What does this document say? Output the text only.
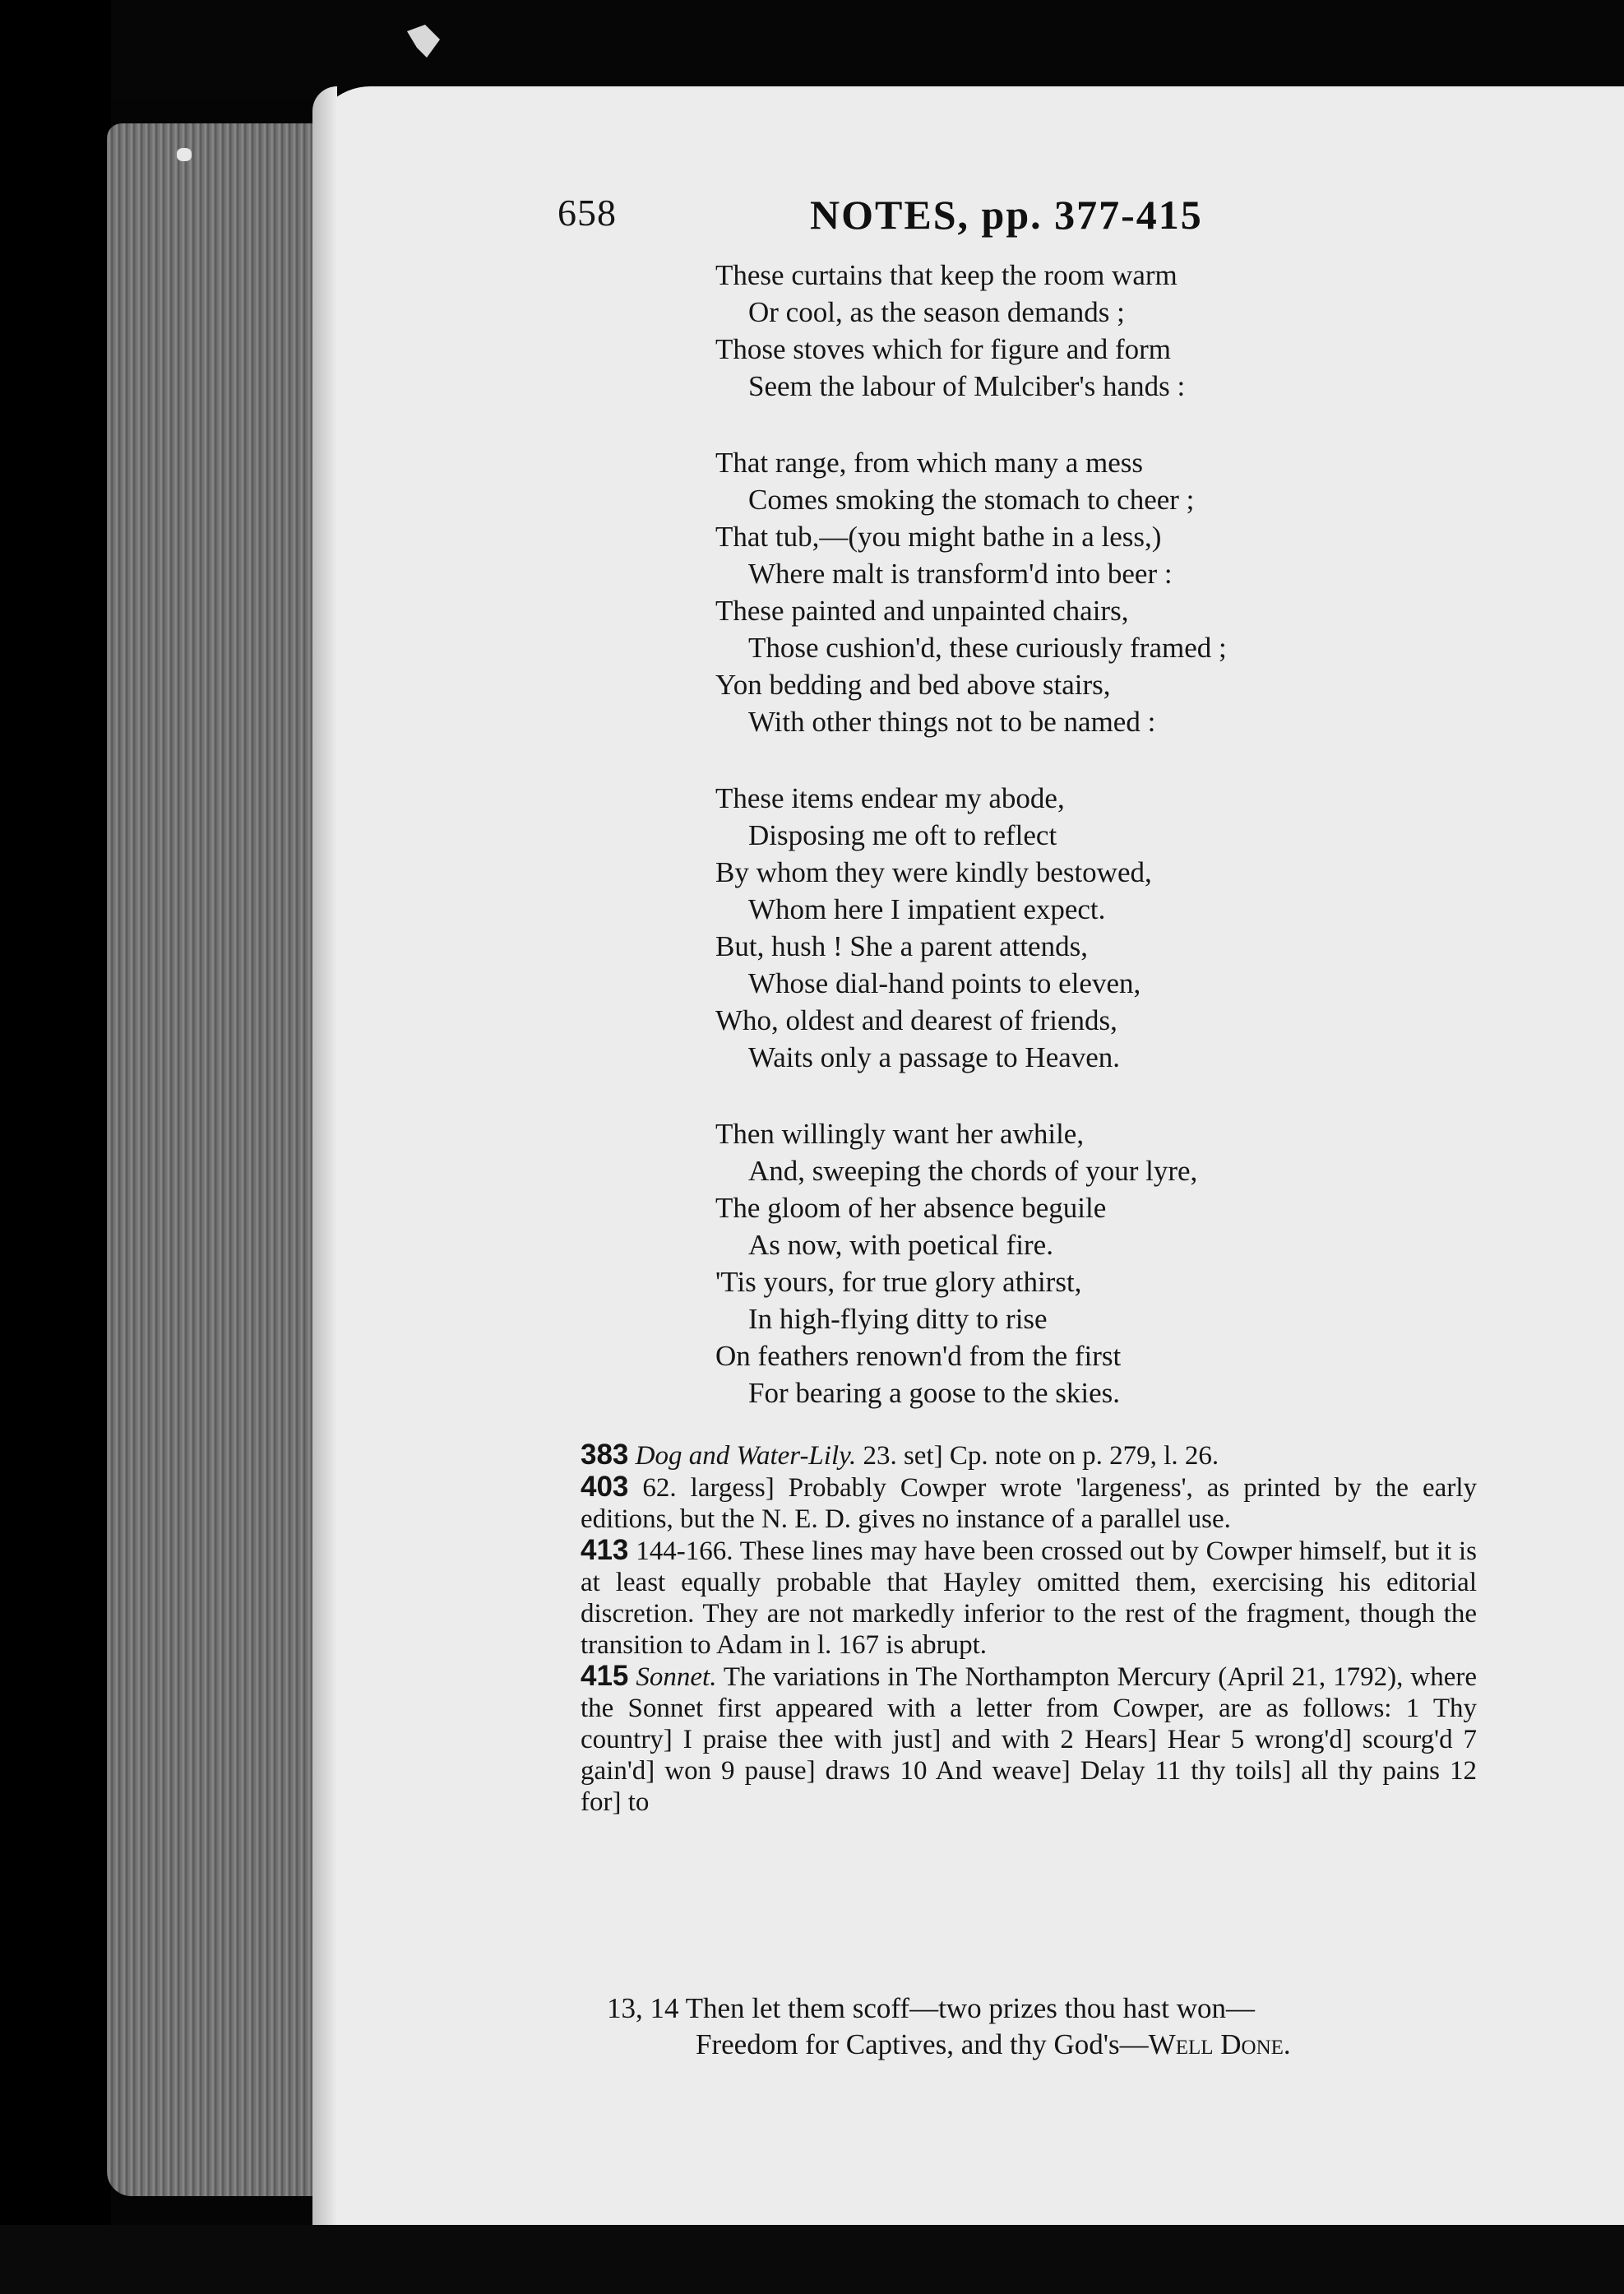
658	NOTES, pp. 377-415
These curtains that keep the room warm
Or cool, as the season demands ;
Those stoves which for figure and form
Seem the labour of Mulciber's hands :
That range, from which many a mess
Comes smoking the stomach to cheer ;
That tub,—(you might bathe in a less,)
Where malt is transform'd into beer :
These painted and unpainted chairs,
Those cushion'd, these curiously framed ;
Yon bedding and bed above stairs,
With other things not to be named :
These items endear my abode,
Disposing me oft to reflect
By whom they were kindly bestowed,
Whom here I impatient expect.
But, hush ! She a parent attends,
Whose dial-hand points to eleven,
Who, oldest and dearest of friends,
Waits only a passage to Heaven.
Then willingly want her awhile,
And, sweeping the chords of your lyre,
The gloom of her absence beguile
As now, with poetical fire.
'Tis yours, for true glory athirst,
In high-flying ditty to rise
On feathers renown'd from the first
For bearing a goose to the skies.
383 Dog and Water-Lily. 23. set] Cp. note on p. 279, l. 26.
403 62. largess] Probably Cowper wrote 'largeness', as printed by the early editions, but the N. E. D. gives no instance of a parallel use.
413 144-166. These lines may have been crossed out by Cowper himself, but it is at least equally probable that Hayley omitted them, exercising his editorial discretion. They are not markedly inferior to the rest of the fragment, though the transition to Adam in l. 167 is abrupt.
415 Sonnet. The variations in The Northampton Mercury (April 21, 1792), where the Sonnet first appeared with a letter from Cowper, are as follows: 1 Thy country] I praise thee with just] and with 2 Hears] Hear 5 wrong'd] scourg'd 7 gain'd] won 9 pause] draws 10 And weave] Delay 11 thy toils] all thy pains 12 for] to
13, 14 Then let them scoff—two prizes thou hast won—
Freedom for Captives, and thy God's—Well Done.
